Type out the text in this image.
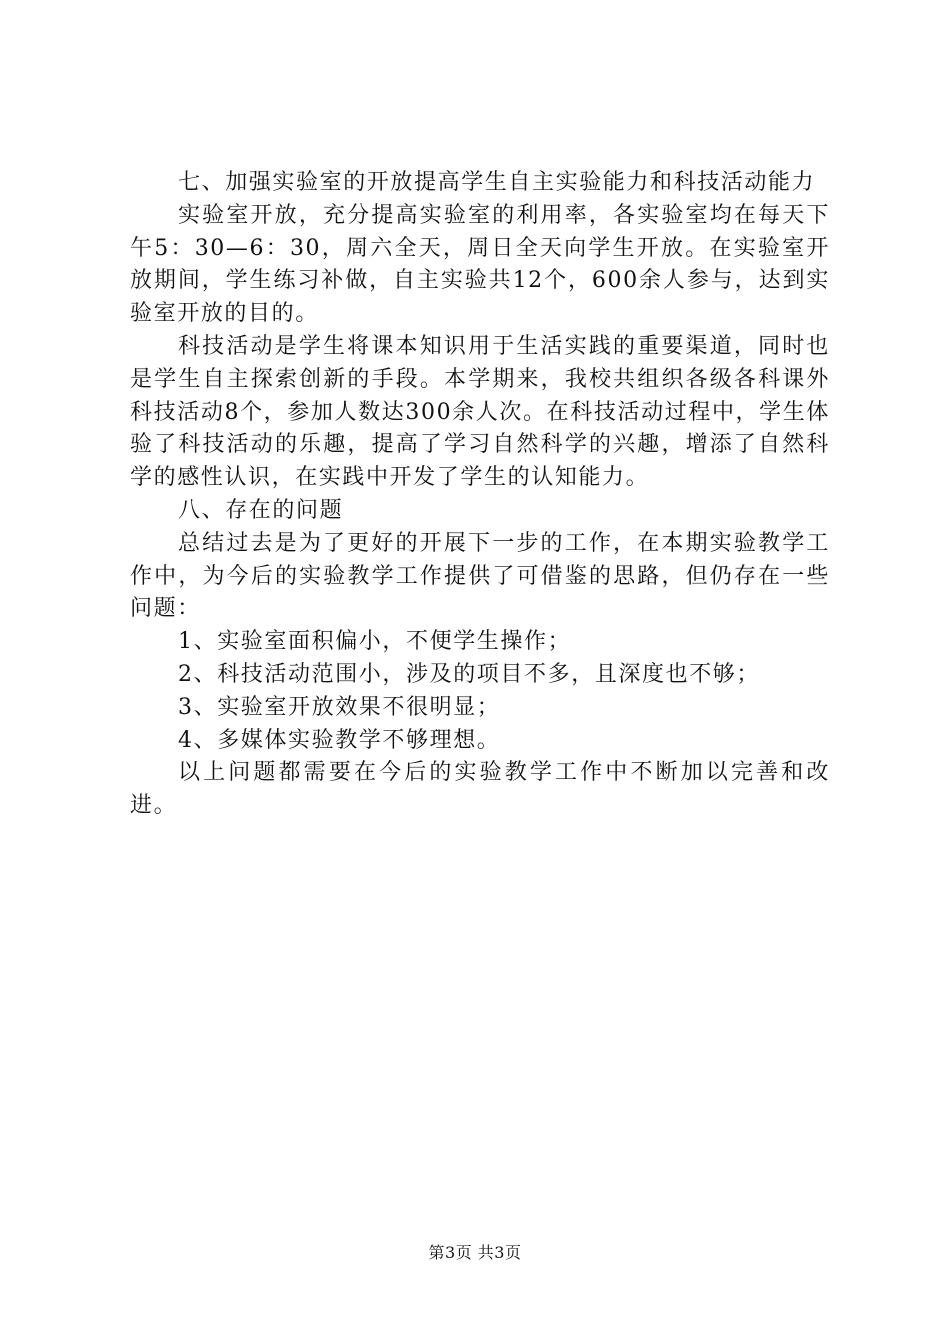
七、加强实验室的开放提高学生自主实验能力和科技活动能力

实验室开放，充分提高实验室的利用率，各实验室均在每天下午5：30—6：30，周六全天，周日全天向学生开放。在实验室开放期间，学生练习补做，自主实验共12个，600余人参与，达到实验室开放的目的。

科技活动是学生将课本知识用于生活实践的重要渠道，同时也是学生自主探索创新的手段。本学期来，我校共组织各级各科课外科技活动8个，参加人数达300余人次。在科技活动过程中，学生体验了科技活动的乐趣，提高了学习自然科学的兴趣，增添了自然科学的感性认识，在实践中开发了学生的认知能力。

八、存在的问题

总结过去是为了更好的开展下一步的工作，在本期实验教学工作中，为今后的实验教学工作提供了可借鉴的思路，但仍存在一些问题：

1、实验室面积偏小，不便学生操作；

2、科技活动范围小，涉及的项目不多，且深度也不够；

3、实验室开放效果不很明显；

4、多媒体实验教学不够理想。

以上问题都需要在今后的实验教学工作中不断加以完善和改进。

第3页 共3页
